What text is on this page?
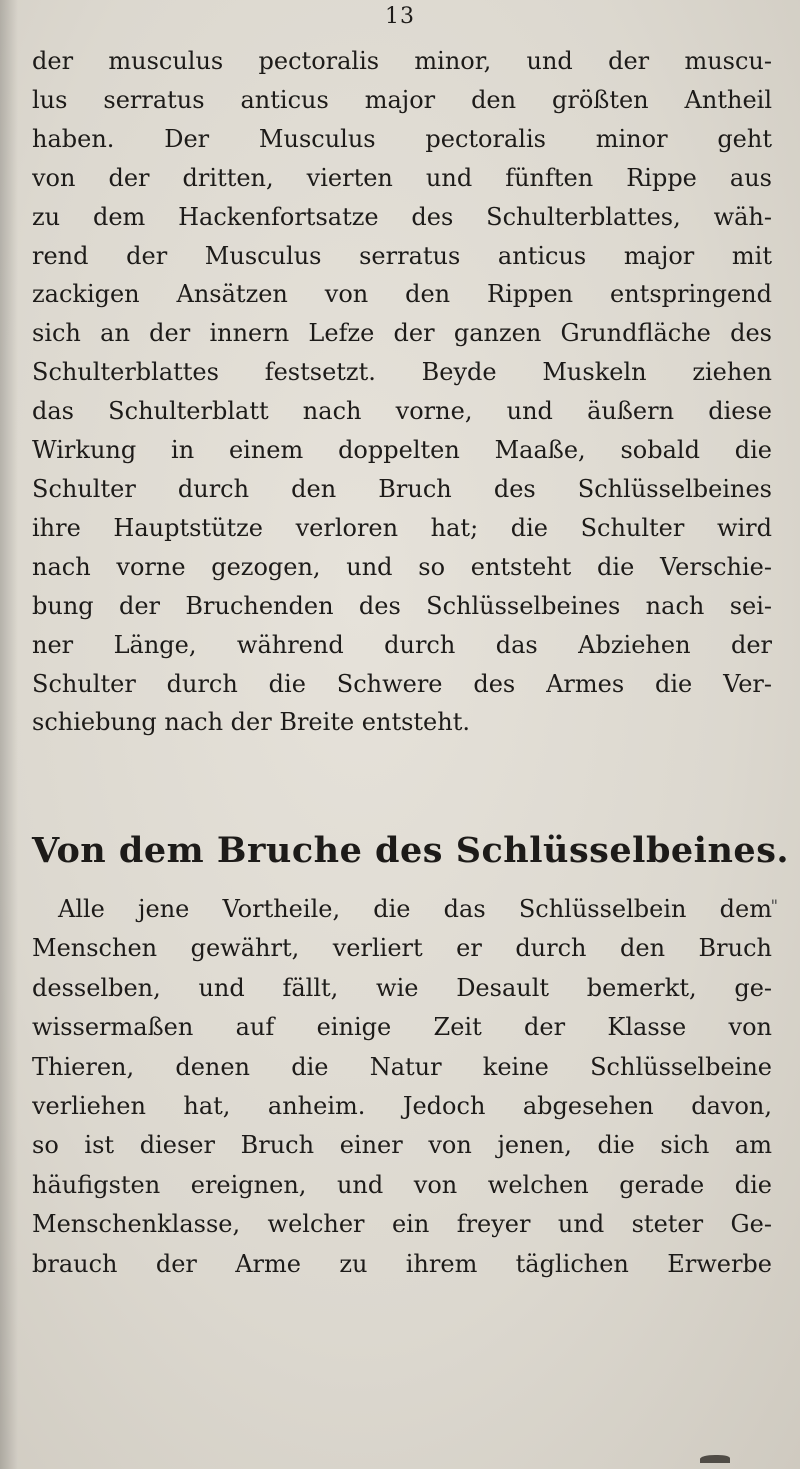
13
der musculus pectoralis minor, und der muscu-
lus serratus anticus major den größten Antheil
haben. Der Musculus pectoralis minor geht
von der dritten, vierten und fünften Rippe aus
zu dem Hackenfortsatze des Schulterblattes, wäh-
rend der Musculus serratus anticus major mit
zackigen Ansätzen von den Rippen entspringend
sich an der innern Lefze der ganzen Grundfläche des
Schulterblattes festsetzt. Beyde Muskeln ziehen
das Schulterblatt nach vorne, und äußern diese
Wirkung in einem doppelten Maaße, sobald die
Schulter durch den Bruch des Schlüsselbeines
ihre Hauptstütze verloren hat; die Schulter wird
nach vorne gezogen, und so entsteht die Verschie-
bung der Bruchenden des Schlüsselbeines nach sei-
ner Länge, während durch das Abziehen der
Schulter durch die Schwere des Armes die Ver-
schiebung nach der Breite entsteht.
Von dem Bruche des Schlüsselbeines.
"
Alle jene Vortheile, die das Schlüsselbein dem
Menschen gewährt, verliert er durch den Bruch
desselben, und fällt, wie Desault bemerkt, ge-
wissermaßen auf einige Zeit der Klasse von
Thieren, denen die Natur keine Schlüsselbeine
verliehen hat, anheim. Jedoch abgesehen davon,
so ist dieser Bruch einer von jenen, die sich am
häufigsten ereignen, und von welchen gerade die
Menschenklasse, welcher ein freyer und steter Ge-
brauch der Arme zu ihrem täglichen Erwerbe
